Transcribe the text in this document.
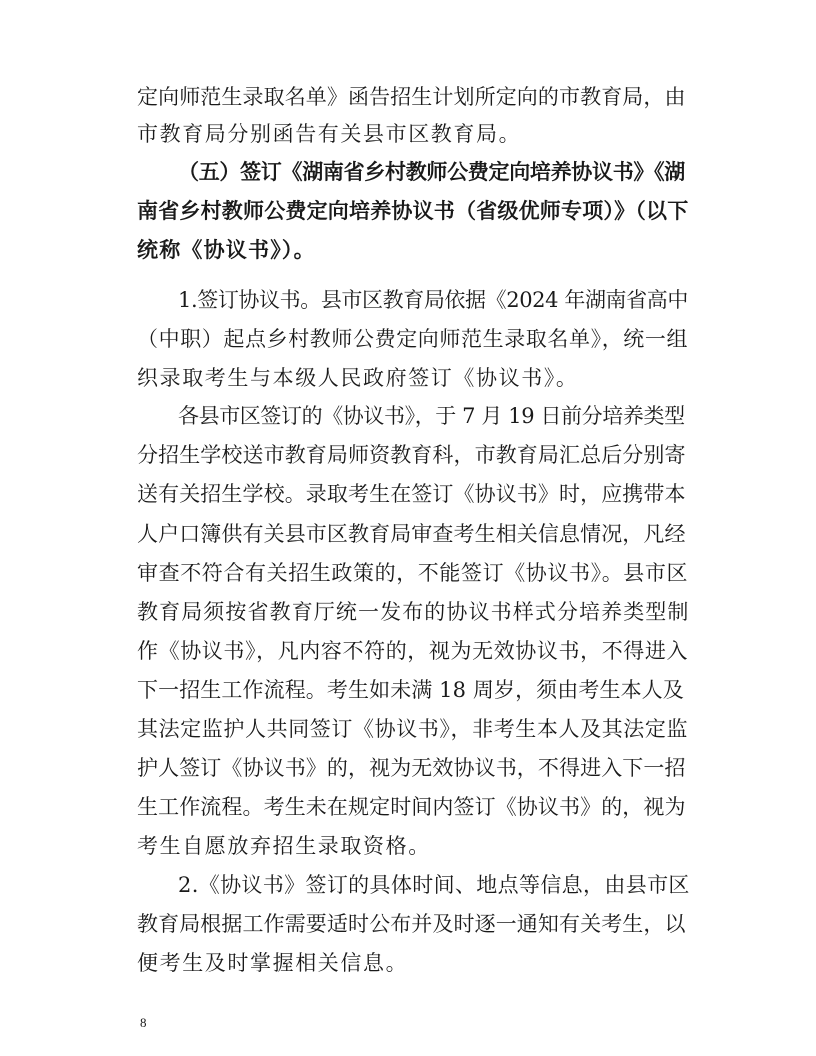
定向师范生录取名单》函告招生计划所定向的市教育局，由
市教育局分别函告有关县市区教育局。
（五）签订《湖南省乡村教师公费定向培养协议书》《湖
南省乡村教师公费定向培养协议书（省级优师专项）》（以下
统称《协议书》）。
1.签订协议书。县市区教育局依据《2024 年湖南省高中
（中职）起点乡村教师公费定向师范生录取名单》，统一组
织录取考生与本级人民政府签订《协议书》。
各县市区签订的《协议书》，于 7 月 19 日前分培养类型
分招生学校送市教育局师资教育科，市教育局汇总后分别寄
送有关招生学校。录取考生在签订《协议书》时，应携带本
人户口簿供有关县市区教育局审查考生相关信息情况，凡经
审查不符合有关招生政策的，不能签订《协议书》。县市区
教育局须按省教育厅统一发布的协议书样式分培养类型制
作《协议书》，凡内容不符的，视为无效协议书，不得进入
下一招生工作流程。考生如未满 18 周岁，须由考生本人及
其法定监护人共同签订《协议书》，非考生本人及其法定监
护人签订《协议书》的，视为无效协议书，不得进入下一招
生工作流程。考生未在规定时间内签订《协议书》的，视为
考生自愿放弃招生录取资格。
2.《协议书》签订的具体时间、地点等信息，由县市区
教育局根据工作需要适时公布并及时逐一通知有关考生，以
便考生及时掌握相关信息。
8
